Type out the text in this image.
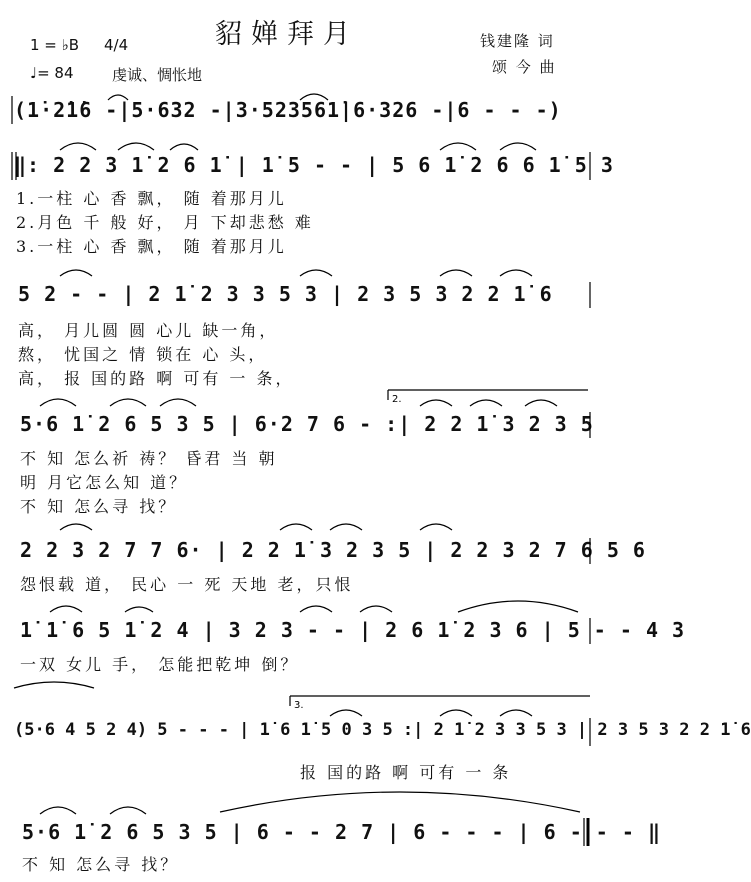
貂婵拜月
1 = ♭B 4/4
♩= 84	虔诚、惆怅地
钱建隆 词
颂 今 曲
(1̇·2̇1̇6 -|5·632 -|3·523561̇|6·326 -|6 - - -)
‖: 2 2 3 1̇ 2 6 1̇ | 1̇ 5 - - | 5 6 1̇ 2 6 6 1̇ 5 3
1.一柱 心 香 飘， 随 着那月儿
2.月色 千 般 好， 月 下却悲愁 难
3.一柱 心 香 飘， 随 着那月儿
5 2 - - | 2 1̇ 2 3 3 5 3 | 2 3 5 3 2 2 1̇ 6
高， 月儿圆 圆 心儿 缺一角，
熬， 忧国之 情 锁在 心 头，
高， 报 国的路 啊 可有 一 条，
5·6 1̇ 2 6 5 3 5 | 6·2 7 6 - :| 2 2 1̇ 3 2 3 5
不 知 怎么祈 祷？ 昏君 当 朝
明 月它怎么知 道？
不 知 怎么寻 找？
2 2 3 2 7 7 6· | 2 2 1̇ 3 2 3 5 | 2 2 3 2 7 6 5 6
怨恨载 道， 民心 一 死 天地 老，只恨
1̇ 1̇ 6 5 1̇ 2 4 | 3 2 3 - - | 2 6 1̇ 2 3 6 | 5 - - 4 3
一双 女儿 手， 怎能把乾坤 倒？
(5·6 4 5 2 4) 5 - - - | 1̇ 6 1̇ 5 0 3 5 :| 2 1̇ 2 3 3 5 3 | 2 3 5 3 2 2 1̇ 6
报 国的路 啊 可有 一 条
5·6 1̇ 2 6 5 3 5 | 6 - - 2 7 | 6 - - - | 6 - - - ‖
不 知 怎么寻 找？
2.
3.
